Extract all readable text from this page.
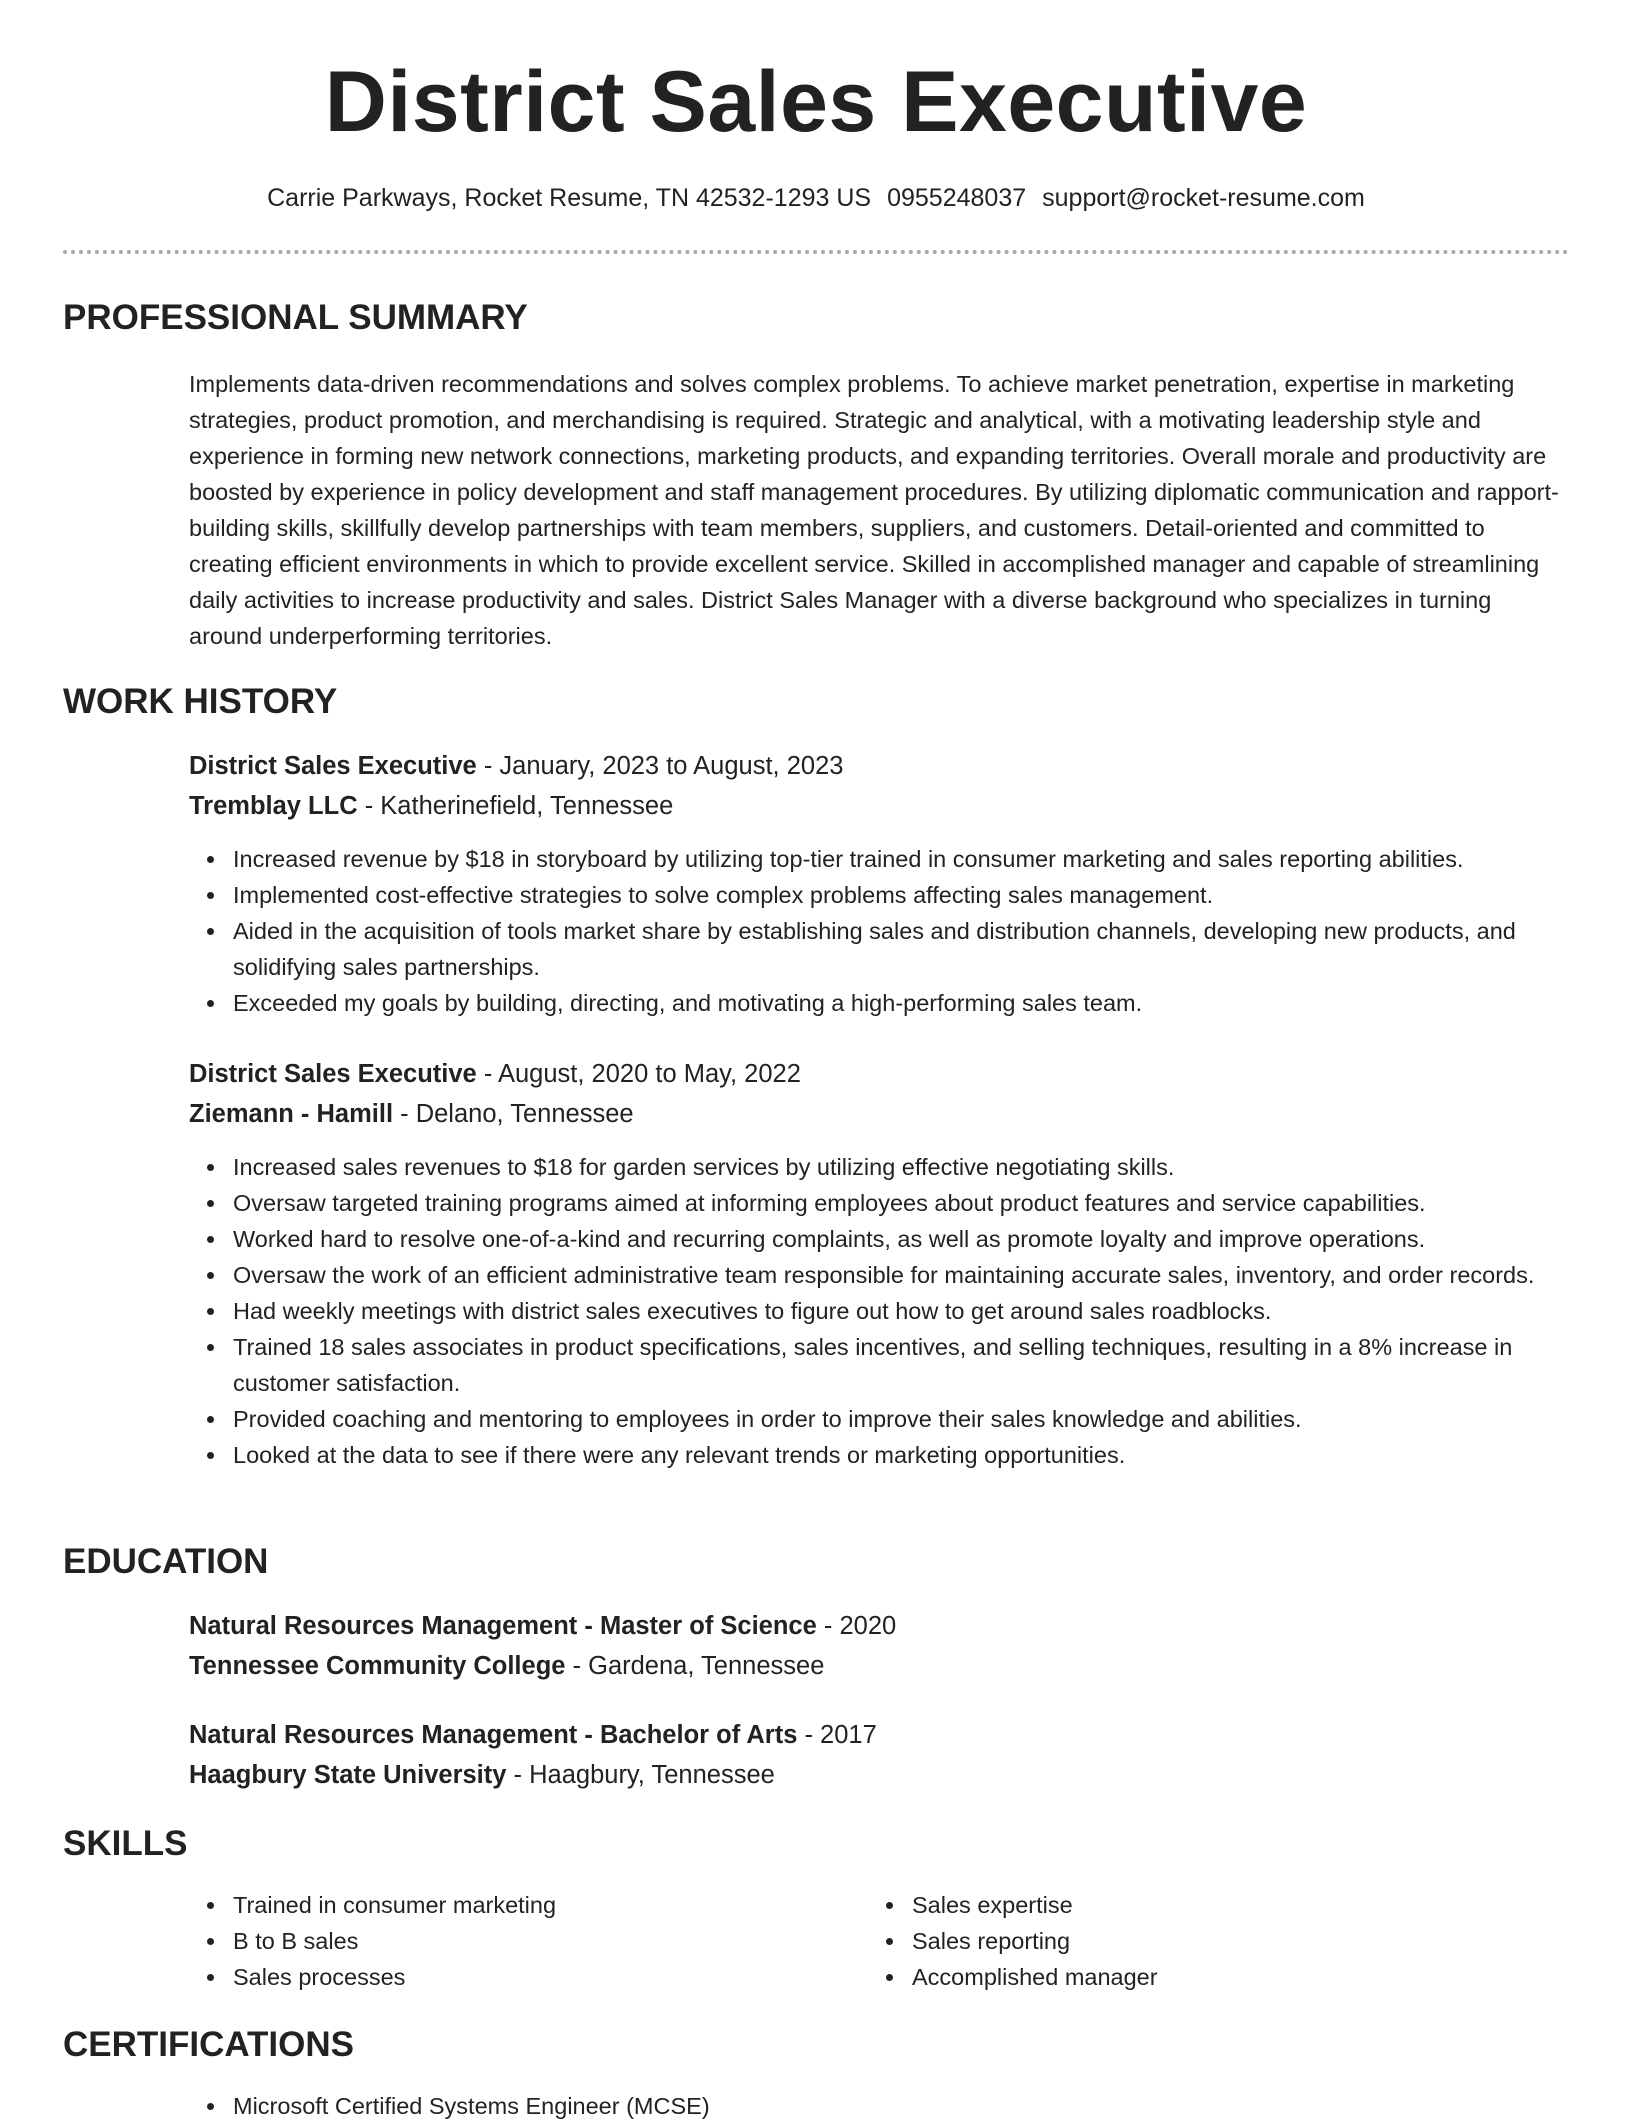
District Sales Executive
Carrie Parkways, Rocket Resume, TN 42532-1293 US 0955248037 support@rocket-resume.com
PROFESSIONAL SUMMARY

Implements data-driven recommendations and solves complex problems. To achieve market penetration, expertise in marketing strategies, product promotion, and merchandising is required. Strategic and analytical, with a motivating leadership style and experience in forming new network connections, marketing products, and expanding territories. Overall morale and productivity are boosted by experience in policy development and staff management procedures. By utilizing diplomatic communication and rapport-building skills, skillfully develop partnerships with team members, suppliers, and customers. Detail-oriented and committed to creating efficient environments in which to provide excellent service. Skilled in accomplished manager and capable of streamlining daily activities to increase productivity and sales. District Sales Manager with a diverse background who specializes in turning around underperforming territories.

WORK HISTORY

District Sales Executive - January, 2023 to August, 2023

Tremblay LLC - Katherinefield, Tennessee

Increased revenue by $18 in storyboard by utilizing top-tier trained in consumer marketing and sales reporting abilities.
Implemented cost-effective strategies to solve complex problems affecting sales management.
Aided in the acquisition of tools market share by establishing sales and distribution channels, developing new products, and solidifying sales partnerships.
Exceeded my goals by building, directing, and motivating a high-performing sales team.

District Sales Executive - August, 2020 to May, 2022

Ziemann - Hamill - Delano, Tennessee

Increased sales revenues to $18 for garden services by utilizing effective negotiating skills.
Oversaw targeted training programs aimed at informing employees about product features and service capabilities.
Worked hard to resolve one-of-a-kind and recurring complaints, as well as promote loyalty and improve operations.
Oversaw the work of an efficient administrative team responsible for maintaining accurate sales, inventory, and order records.
Had weekly meetings with district sales executives to figure out how to get around sales roadblocks.
Trained 18 sales associates in product specifications, sales incentives, and selling techniques, resulting in a 8% increase in customer satisfaction.
Provided coaching and mentoring to employees in order to improve their sales knowledge and abilities.
Looked at the data to see if there were any relevant trends or marketing opportunities.
EDUCATION

Natural Resources Management - Master of Science - 2020

Tennessee Community College - Gardena, Tennessee

Natural Resources Management - Bachelor of Arts - 2017

Haagbury State University - Haagbury, Tennessee

SKILLS
Trained in consumer marketing
B to B sales
Sales processes
Sales expertise
Sales reporting
Accomplished manager
CERTIFICATIONS
Microsoft Certified Systems Engineer (MCSE)
